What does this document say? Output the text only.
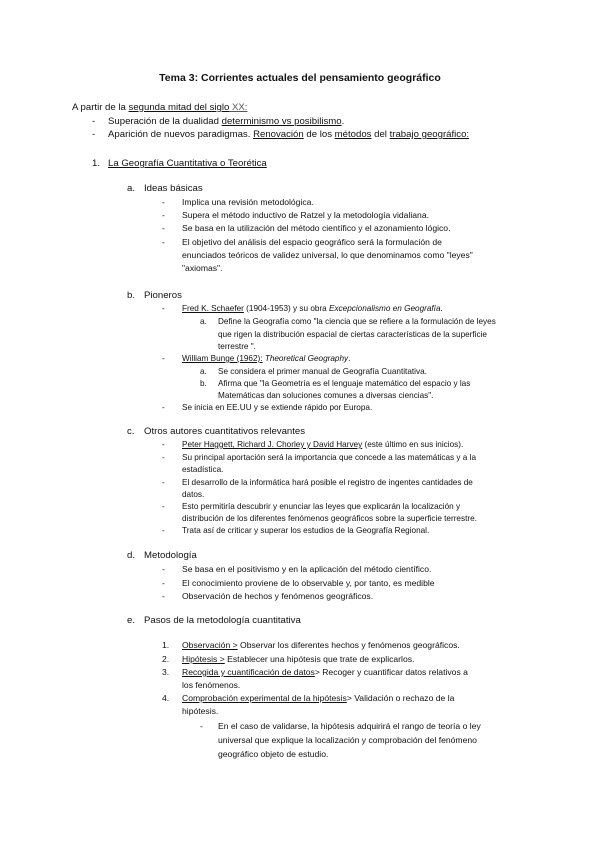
Tema 3: Corrientes actuales del pensamiento geográfico
A partir de la segunda mitad del siglo XX:
- Superación de la dualidad determinismo vs posibilismo.
- Aparición de nuevos paradigmas. Renovación de los métodos del trabajo geográfico:
1. La Geografía Cuantitativa o Teorética
a. Ideas básicas
- Implica una revisión metodológica.
- Supera el método inductivo de Ratzel y la metodología vidaliana.
- Se basa en la utilización del método científico y el azonamiento lógico.
- El objetivo del análisis del espacio geográfico será la formulación de
enunciados teóricos de validez universal, lo que denominamos como "leyes"
"axiomas".
b. Pioneros
- Fred K. Schaefer (1904-1953) y su obra Excepcionalismo en Geografía.
a. Define la Geografía como "la ciencia que se refiere a la formulación de leyes
que rigen la distribución espacial de ciertas características de la superficie
terrestre ".
- William Bunge (1962): Theoretical Geography.
a. Se considera el primer manual de Geografía Cuantitativa.
b. Afirma que "la Geometría es el lenguaje matemático del espacio y las
Matemáticas dan soluciones comunes a diversas ciencias".
- Se inicia en EE.UU y se extiende rápido por Europa.
c. Otros autores cuantitativos relevantes
- Peter Haggett, Richard J. Chorley y David Harvey (este último en sus inicios).
- Su principal aportación será la importancia que concede a las matemáticas y a la
estadística.
- El desarrollo de la informática hará posible el registro de ingentes cantidades de
datos.
- Esto permitiría descubrir y enunciar las leyes que explicarán la localización y
distribución de los diferentes fenómenos geográficos sobre la superficie terrestre.
- Trata así de criticar y superar los estudios de la Geografía Regional.
d. Metodología
- Se basa en el positivismo y en la aplicación del método científico.
- El conocimiento proviene de lo observable y, por tanto, es medible
- Observación de hechos y fenómenos geográficos.
e. Pasos de la metodología cuantitativa
1. Observación > Observar los diferentes hechos y fenómenos geográficos.
2. Hipótesis > Establecer una hipótesis que trate de explicarlos.
3. Recogida y cuantificación de datos> Recoger y cuantificar datos relativos a
los fenómenos.
4. Comprobación experimental de la hipótesis> Validación o rechazo de la
hipótesis.
- En el caso de validarse, la hipótesis adquirirá el rango de teoría o ley
universal que explique la localización y comprobación del fenómeno
geográfico objeto de estudio.
